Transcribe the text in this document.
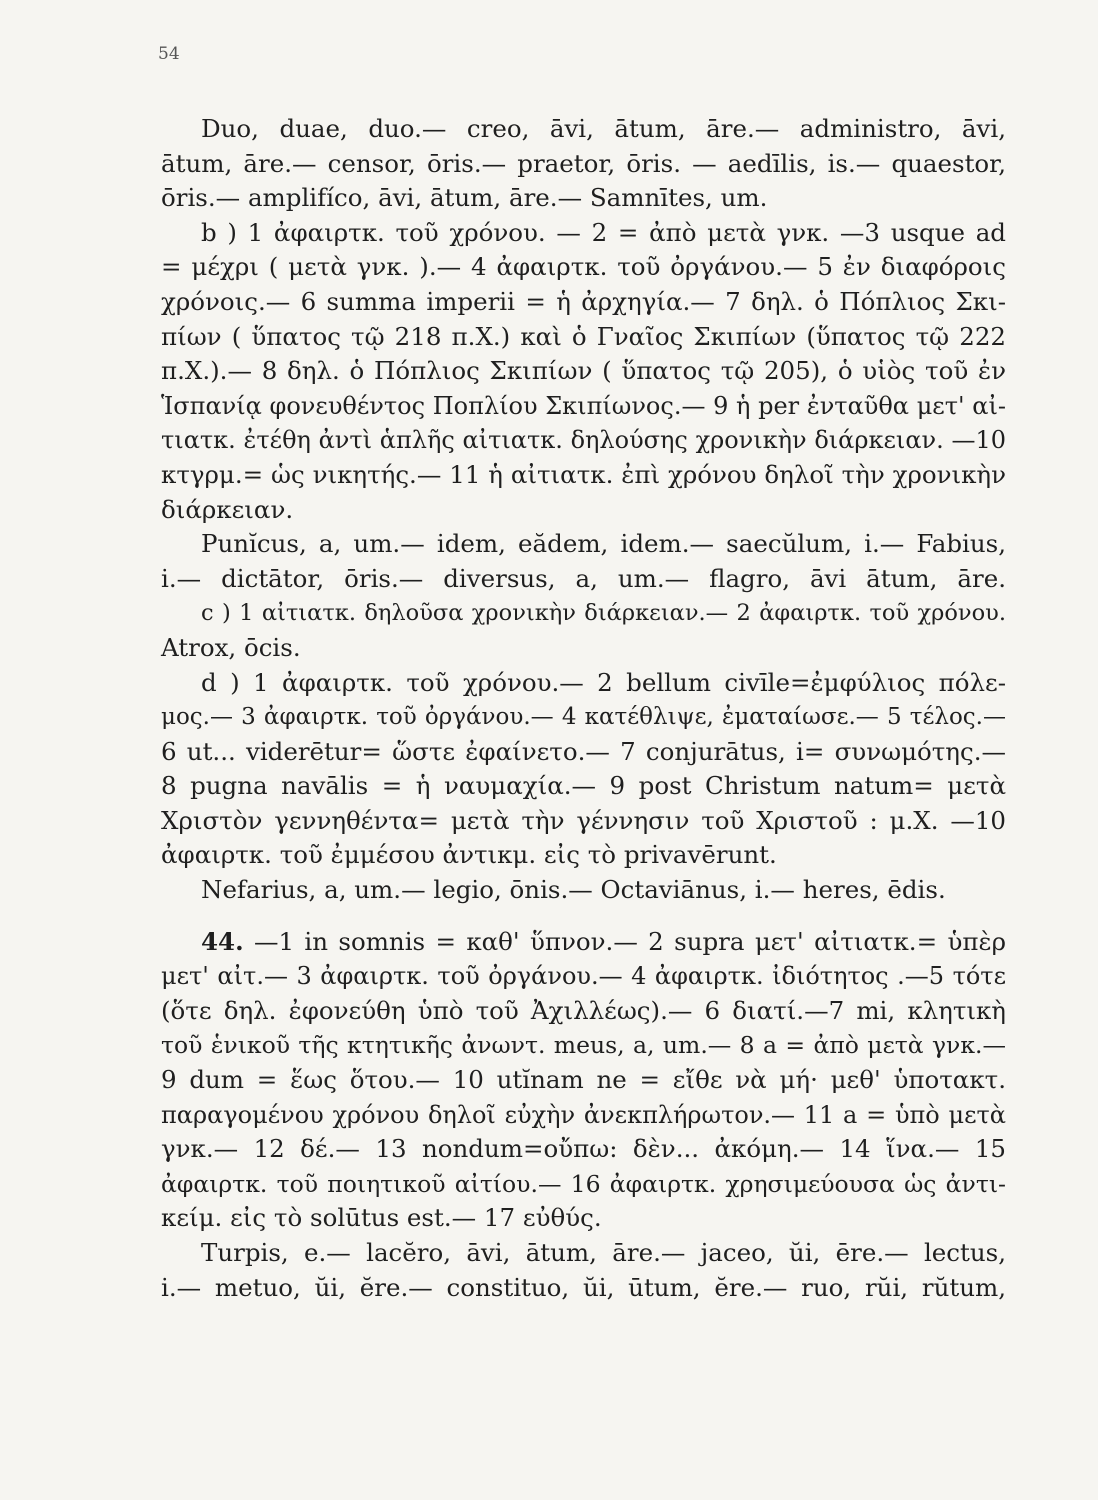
54
Duo, duae, duo.— creo, āvi, ātum, āre.— administro, āvi,
ātum, āre.— censor, ōris.— praetor, ōris. — aedīlis, is.— quaestor,
ōris.— amplifíco, āvi, ātum, āre.— Samnītes, um.
b ) 1 ἀφαιρτκ. τοῦ χρόνου. — 2 = ἀπὸ μετὰ γνκ. —3 usque ad
= μέχρι ( μετὰ γνκ. ).— 4 ἀφαιρτκ. τοῦ ὀργάνου.— 5 ἐν διαφόροις
χρόνοις.— 6 summa imperii = ἡ ἀρχηγία.— 7 δηλ. ὁ Πόπλιος Σκι-
πίων ( ὕπατος τῷ 218 π.Χ.) καὶ ὁ Γναῖος Σκιπίων (ὕπατος τῷ 222
π.Χ.).— 8 δηλ. ὁ Πόπλιος Σκιπίων ( ὕπατος τῷ 205), ὁ υἱὸς τοῦ ἐν
Ἱσπανίᾳ φονευθέντος Ποπλίου Σκιπίωνος.— 9 ἡ per ἐνταῦθα μετ' αἰ-
τιατκ. ἐτέθη ἀντὶ ἁπλῆς αἰτιατκ. δηλούσης χρονικὴν διάρκειαν. —10
κτγρμ.= ὡς νικητής.— 11 ἡ αἰτιατκ. ἐπὶ χρόνου δηλοῖ τὴν χρονικὴν
διάρκειαν.
Punĭcus, a, um.— idem, eădem, idem.— saecŭlum, i.— Fabius,
i.— dictātor, ōris.— diversus, a, um.— flagro, āvi ātum, āre.
c ) 1 αἰτιατκ. δηλοῦσα χρονικὴν διάρκειαν.— 2 ἀφαιρτκ. τοῦ χρόνου.
Atrox, ōcis.
d ) 1 ἀφαιρτκ. τοῦ χρόνου.— 2 bellum civīle=ἐμφύλιος πόλε-
μος.— 3 ἀφαιρτκ. τοῦ ὀργάνου.— 4 κατέθλιψε, ἐματαίωσε.— 5 τέλος.—
6 ut... viderētur= ὥστε ἐφαίνετο.— 7 conjurātus, i= συνωμότης.—
8 pugna navālis = ἡ ναυμαχία.— 9 post Christum natum= μετὰ
Χριστὸν γεννηθέντα= μετὰ τὴν γέννησιν τοῦ Χριστοῦ : μ.Χ. —10
ἀφαιρτκ. τοῦ ἐμμέσου ἀντικμ. εἰς τὸ privavērunt.
Nefarius, a, um.— legio, ōnis.— Octaviānus, i.— heres, ēdis.
44. —1 in somnis = καθ' ὕπνον.— 2 supra μετ' αἰτιατκ.= ὑπὲρ
μετ' αἰτ.— 3 ἀφαιρτκ. τοῦ ὀργάνου.— 4 ἀφαιρτκ. ἰδιότητος .—5 τότε
(ὅτε δηλ. ἐφονεύθη ὑπὸ τοῦ Ἀχιλλέως).— 6 διατί.—7 mi, κλητικὴ
τοῦ ἑνικοῦ τῆς κτητικῆς ἀνωντ. meus, a, um.— 8 a = ἀπὸ μετὰ γνκ.—
9 dum = ἕως ὅτου.— 10 utĭnam ne = εἴθε νὰ μή· μεθ' ὑποτακτ.
παραγομένου χρόνου δηλοῖ εὐχὴν ἀνεκπλήρωτον.— 11 a = ὑπὸ μετὰ
γνκ.— 12 δέ.— 13 nondum=οὔπω: δὲν... ἀκόμη.— 14 ἵνα.— 15
ἀφαιρτκ. τοῦ ποιητικοῦ αἰτίου.— 16 ἀφαιρτκ. χρησιμεύουσα ὡς ἀντι-
κείμ. εἰς τὸ solūtus est.— 17 εὐθύς.
Turpis, e.— lacĕro, āvi, ātum, āre.— jaceo, ŭi, ēre.— lectus,
i.— metuo, ŭi, ĕre.— constituo, ŭi, ūtum, ĕre.— ruo, rŭi, rŭtum,
